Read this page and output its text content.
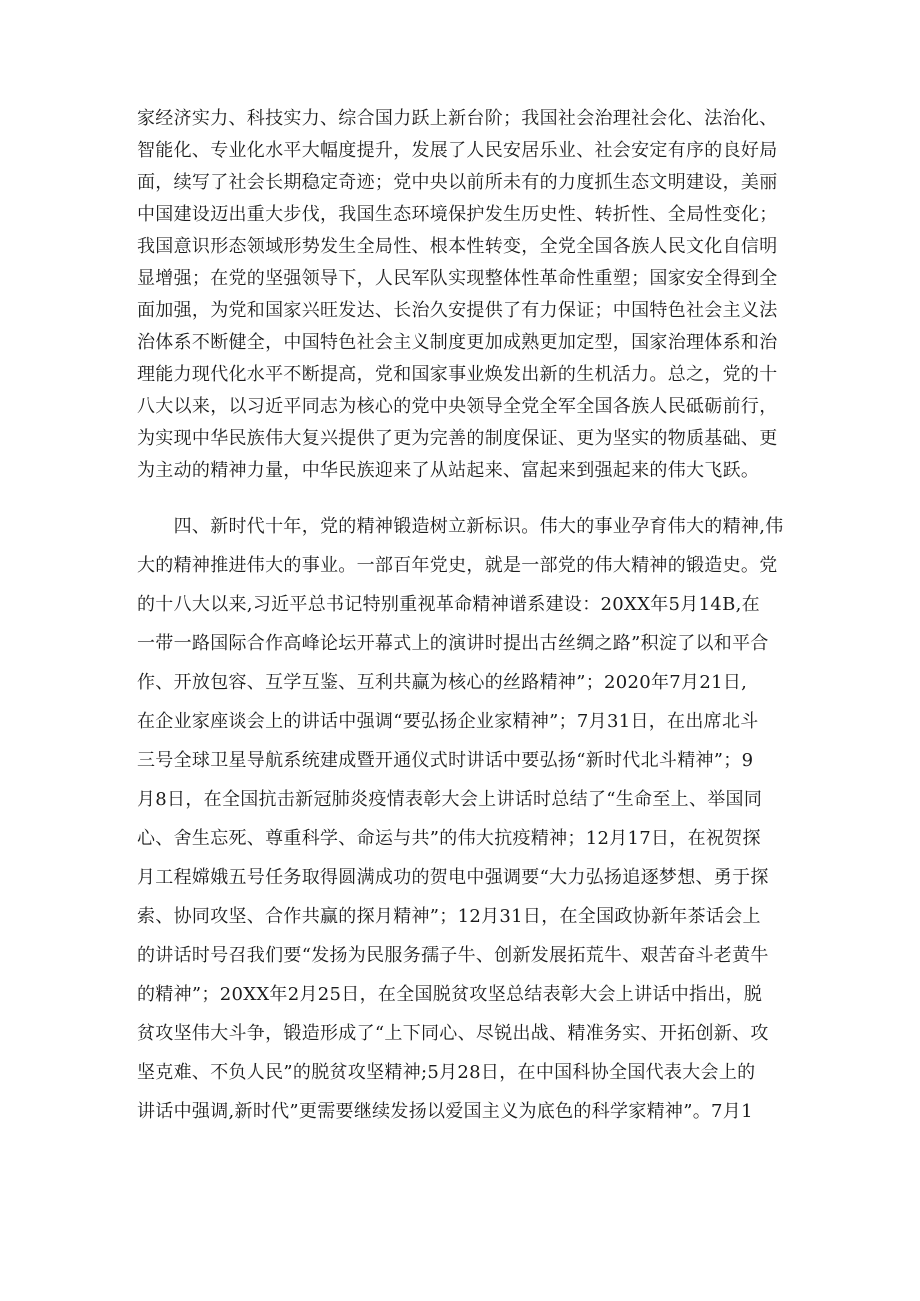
家经济实力、科技实力、综合国力跃上新台阶；我国社会治理社会化、法治化、
智能化、专业化水平大幅度提升，发展了人民安居乐业、社会安定有序的良好局
面，续写了社会长期稳定奇迹；党中央以前所未有的力度抓生态文明建设，美丽
中国建设迈出重大步伐，我国生态环境保护发生历史性、转折性、全局性变化；
我国意识形态领域形势发生全局性、根本性转变，全党全国各族人民文化自信明
显增强；在党的坚强领导下，人民军队实现整体性革命性重塑；国家安全得到全
面加强，为党和国家兴旺发达、长治久安提供了有力保证；中国特色社会主义法
治体系不断健全，中国特色社会主义制度更加成熟更加定型，国家治理体系和治
理能力现代化水平不断提高，党和国家事业焕发出新的生机活力。总之，党的十
八大以来，以习近平同志为核心的党中央领导全党全军全国各族人民砥砺前行，
为实现中华民族伟大复兴提供了更为完善的制度保证、更为坚实的物质基础、更
为主动的精神力量，中华民族迎来了从站起来、富起来到强起来的伟大飞跃。
　　四、新时代十年，党的精神锻造树立新标识。伟大的事业孕育伟大的精神,伟
大的精神推进伟大的事业。一部百年党史，就是一部党的伟大精神的锻造史。党
的十八大以来,习近平总书记特别重视革命精神谱系建设：20XX年5月14B,在
一带一路国际合作高峰论坛开幕式上的演讲时提出古丝绸之路”积淀了以和平合
作、开放包容、互学互鉴、互利共赢为核心的丝路精神”；2020年7月21日,
在企业家座谈会上的讲话中强调“要弘扬企业家精神”；7月31日，在出席北斗
三号全球卫星导航系统建成暨开通仪式时讲话中要弘扬“新时代北斗精神”；9
月8日，在全国抗击新冠肺炎疫情表彰大会上讲话时总结了“生命至上、举国同
心、舍生忘死、尊重科学、命运与共”的伟大抗疫精神；12月17日，在祝贺探
月工程嫦娥五号任务取得圆满成功的贺电中强调要“大力弘扬追逐梦想、勇于探
索、协同攻坚、合作共赢的探月精神”；12月31日，在全国政协新年茶话会上
的讲话时号召我们要“发扬为民服务孺子牛、创新发展拓荒牛、艰苦奋斗老黄牛
的精神”；20XX年2月25日，在全国脱贫攻坚总结表彰大会上讲话中指出，脱
贫攻坚伟大斗争，锻造形成了“上下同心、尽锐出战、精准务实、开拓创新、攻
坚克难、不负人民”的脱贫攻坚精神;5月28日，在中国科协全国代表大会上的
讲话中强调,新时代”更需要继续发扬以爱国主义为底色的科学家精神”。7月1
